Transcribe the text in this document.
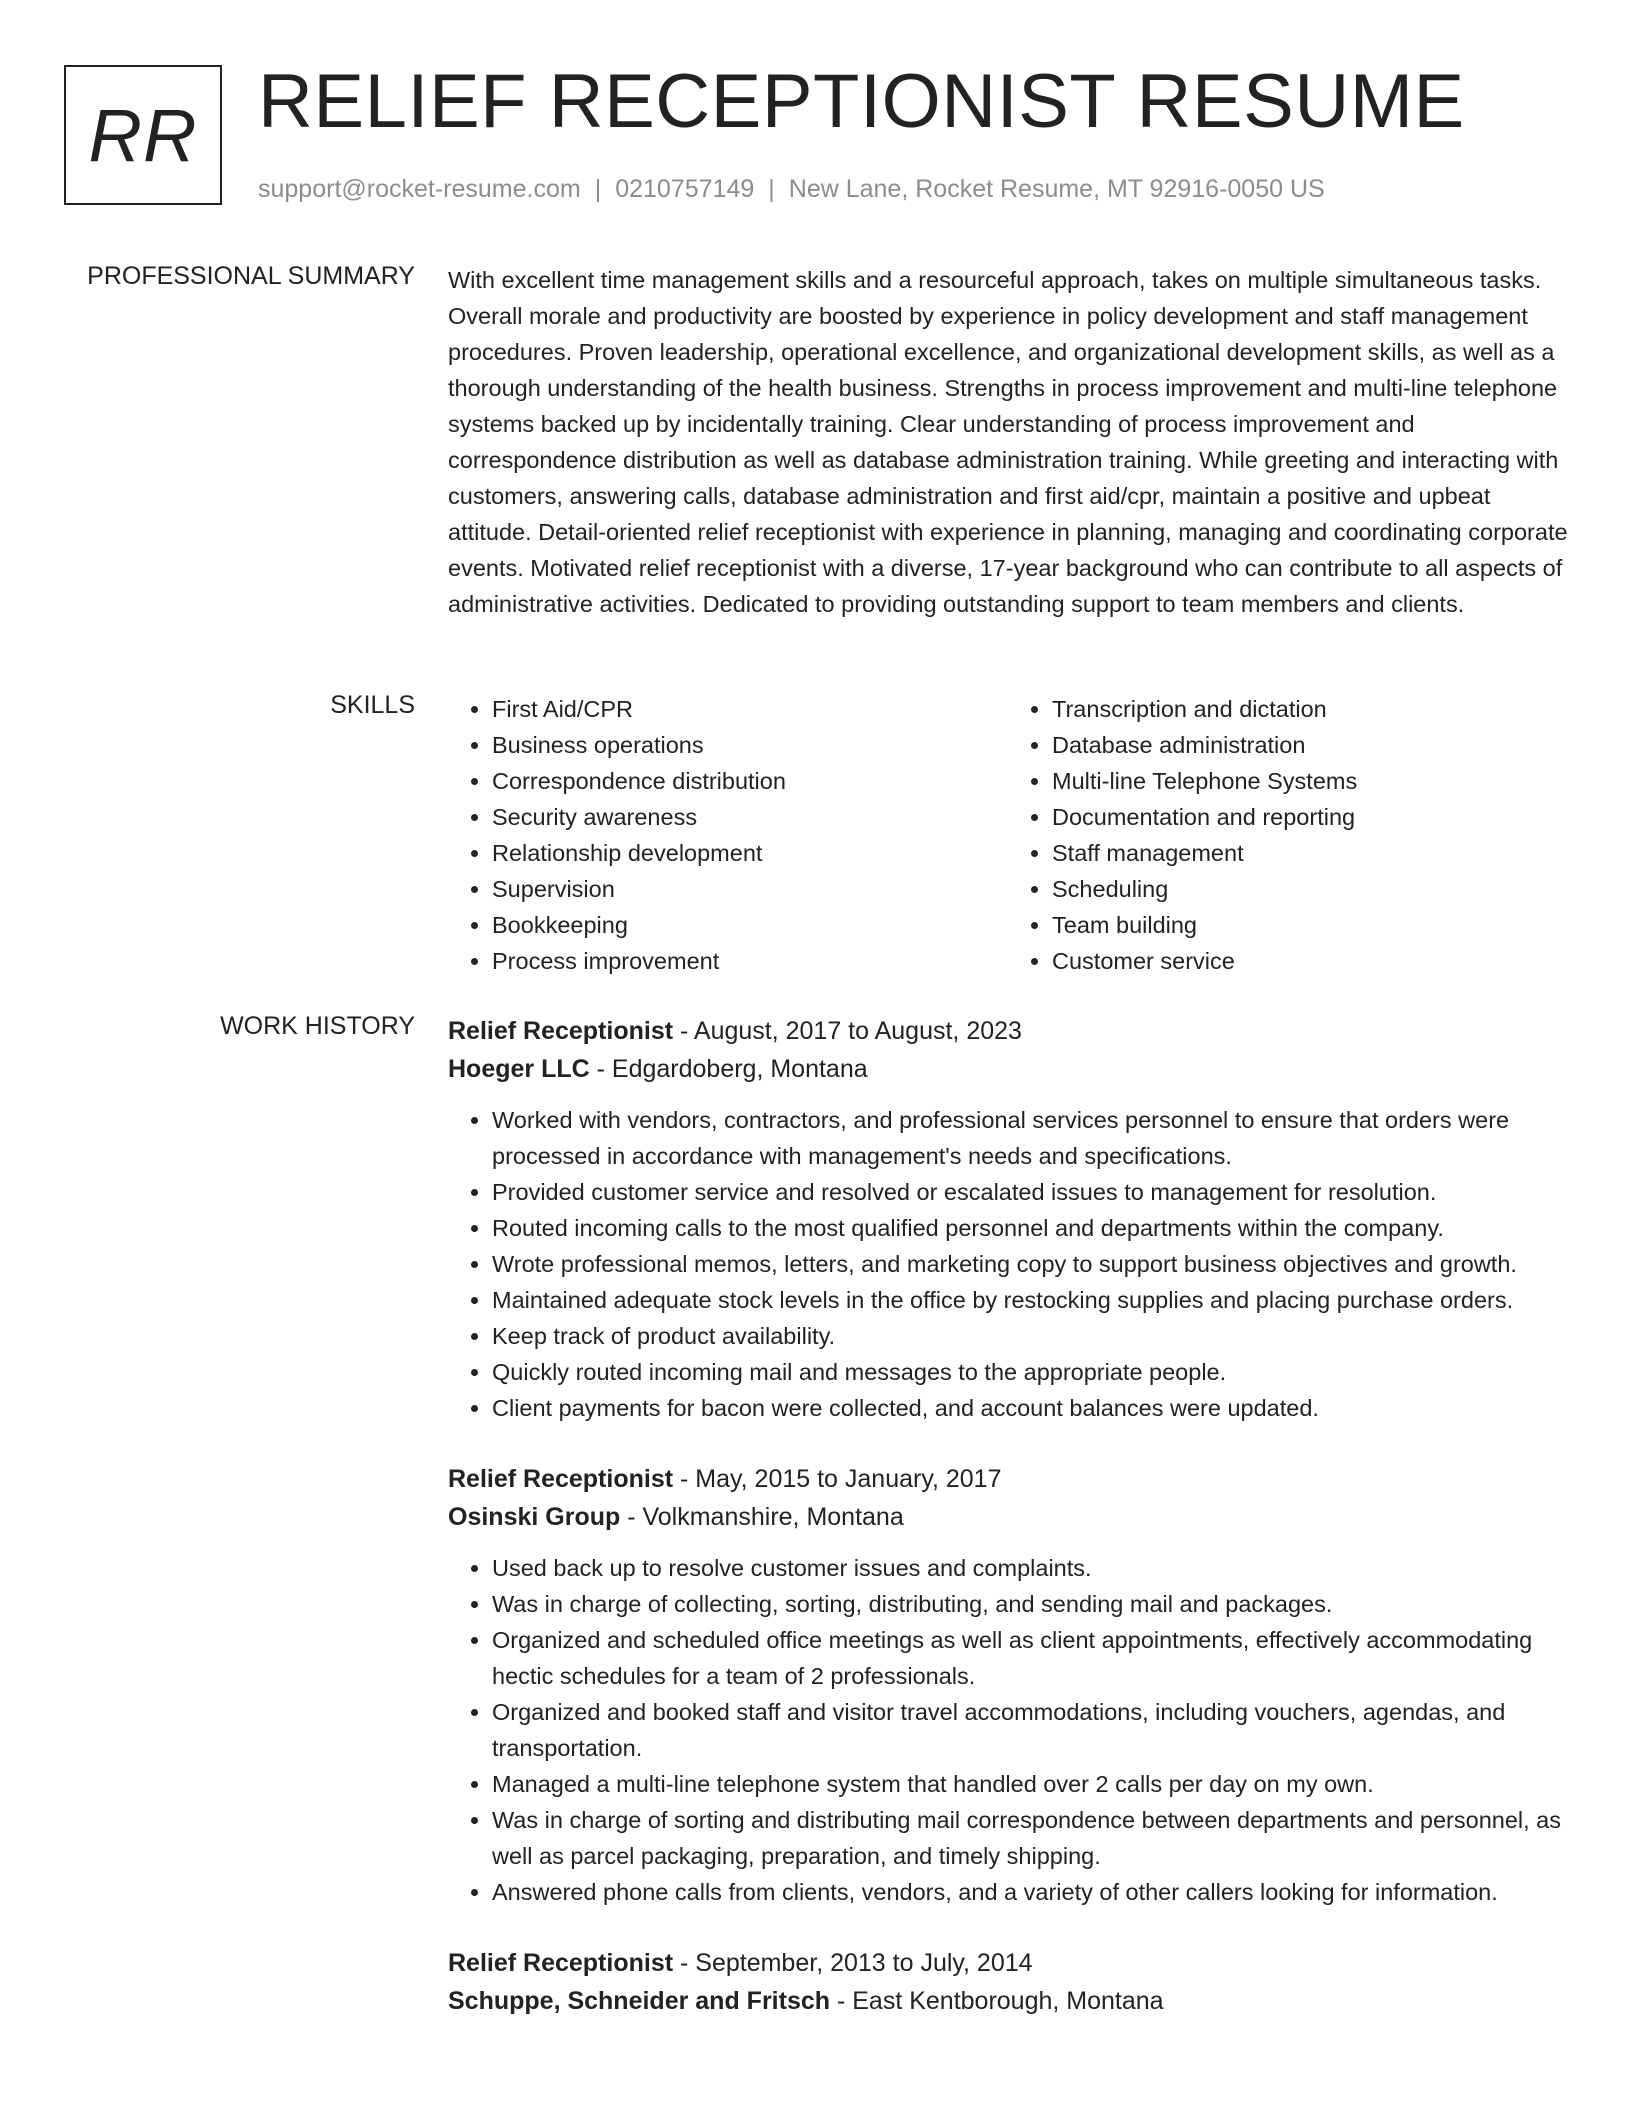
RR RELIEF RECEPTIONIST RESUME
support@rocket-resume.com | 0210757149 | New Lane, Rocket Resume, MT 92916-0050 US
PROFESSIONAL SUMMARY With excellent time management skills and a resourceful approach, takes on multiple simultaneous tasks. Overall morale and productivity are boosted by experience in policy development and staff management procedures. Proven leadership, operational excellence, and organizational development skills, as well as a thorough understanding of the health business. Strengths in process improvement and multi-line telephone systems backed up by incidentally training. Clear understanding of process improvement and correspondence distribution as well as database administration training. While greeting and interacting with customers, answering calls, database administration and first aid/cpr, maintain a positive and upbeat attitude. Detail-oriented relief receptionist with experience in planning, managing and coordinating corporate events. Motivated relief receptionist with a diverse, 17-year background who can contribute to all aspects of administrative activities. Dedicated to providing outstanding support to team members and clients.

SKILLS
•	First Aid/CPR
• Business operations
• Correspondence distribution
• Security awareness
• Relationship development
• Supervision
• Bookkeeping
• Process improvement
• Transcription and dictation
• Database administration
• Multi-line Telephone Systems
• Documentation and reporting
• Staff management
• Scheduling
• Team building
• Customer service
WORK HISTORY Relief Receptionist - August, 2017 to August, 2023
Hoeger LLC - Edgardoberg, Montana
• Worked with vendors, contractors, and professional services personnel to ensure that orders were processed in accordance with management's needs and specifications.
• Provided customer service and resolved or escalated issues to management for resolution.
• Routed incoming calls to the most qualified personnel and departments within the company.
• Wrote professional memos, letters, and marketing copy to support business objectives and growth.
• Maintained adequate stock levels in the office by restocking supplies and placing purchase orders.
• Keep track of product availability.
• Quickly routed incoming mail and messages to the appropriate people.
• Client payments for bacon were collected, and account balances were updated.
Relief Receptionist - May, 2015 to January, 2017
Osinski Group - Volkmanshire, Montana
• Used back up to resolve customer issues and complaints.
• Was in charge of collecting, sorting, distributing, and sending mail and packages.
• Organized and scheduled office meetings as well as client appointments, effectively accommodating hectic schedules for a team of 2 professionals.
• Organized and booked staff and visitor travel accommodations, including vouchers, agendas, and transportation.
• Managed a multi-line telephone system that handled over 2 calls per day on my own.
• Was in charge of sorting and distributing mail correspondence between departments and personnel, as well as parcel packaging, preparation, and timely shipping.
• Answered phone calls from clients, vendors, and a variety of other callers looking for information.
Relief Receptionist - September, 2013 to July, 2014
Schuppe, Schneider and Fritsch - East Kentborough, Montana
